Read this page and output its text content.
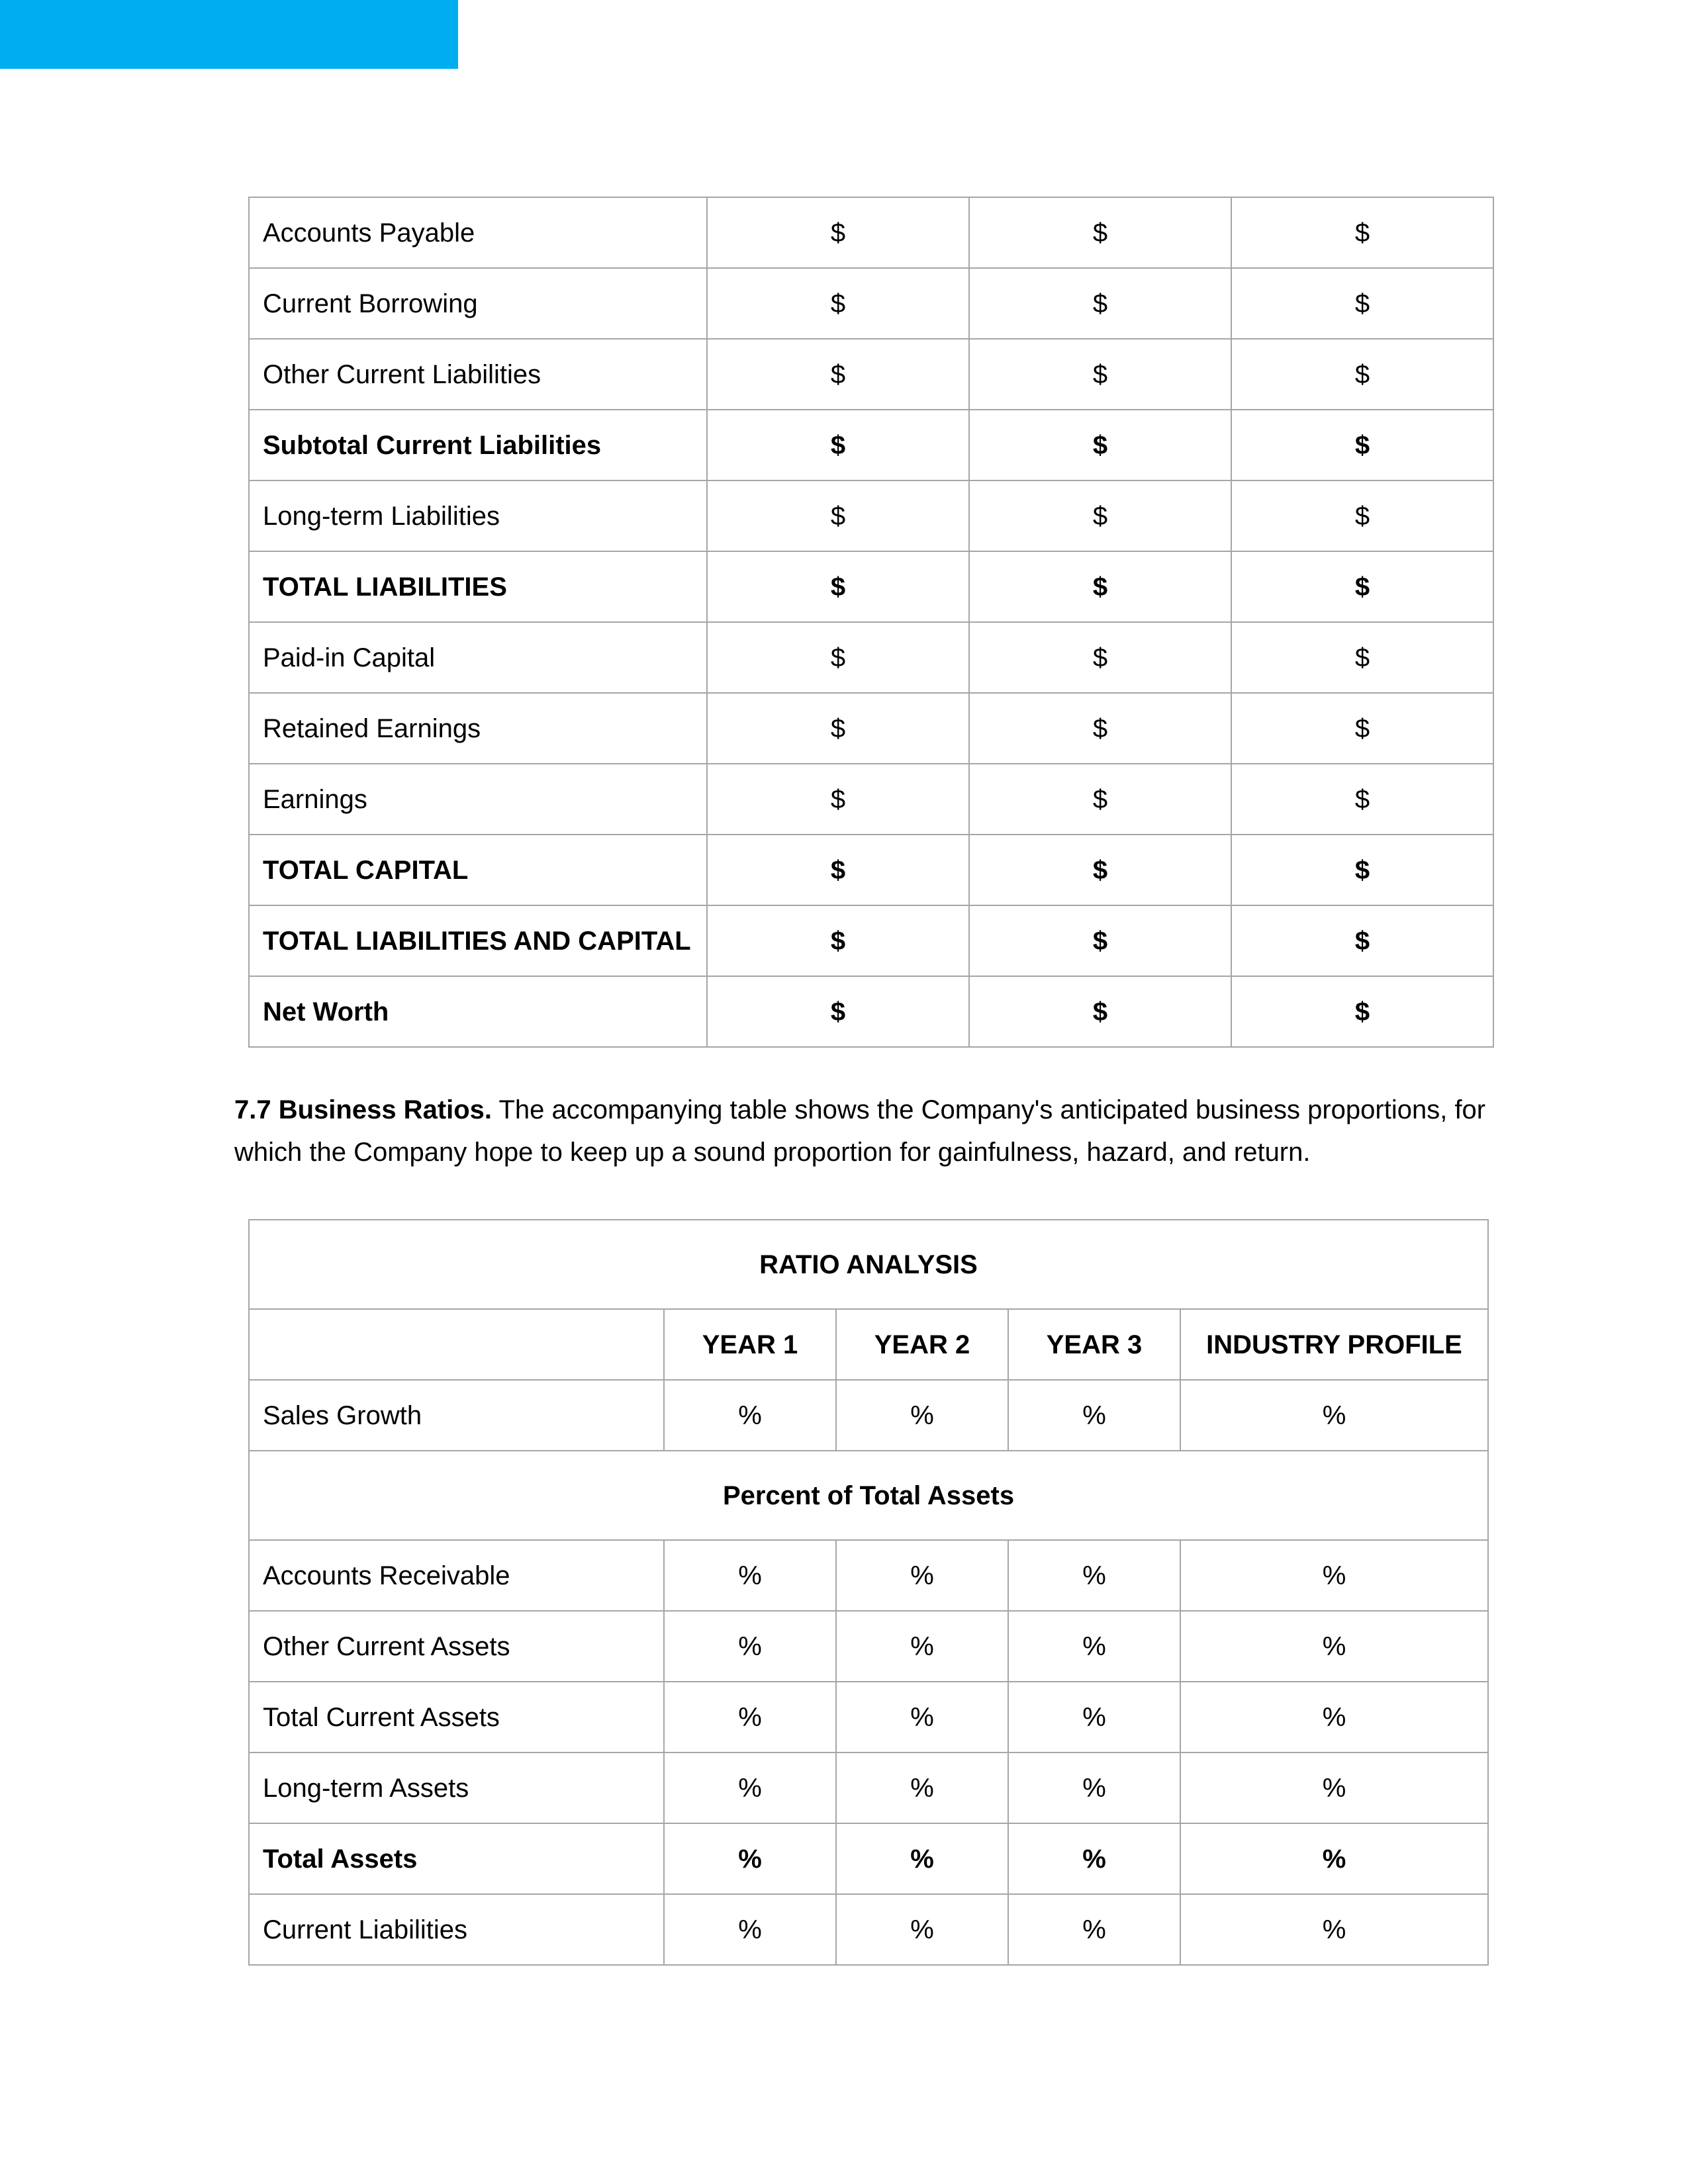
Accounts Payable	$	$	$
Current Borrowing	$	$	$
Other Current Liabilities	$	$	$
Subtotal Current Liabilities	$	$	$
Long-term Liabilities	$	$	$
TOTAL LIABILITIES	$	$	$
Paid-in Capital	$	$	$
Retained Earnings	$	$	$
Earnings	$	$	$
TOTAL CAPITAL	$	$	$
TOTAL LIABILITIES AND CAPITAL	$	$	$
Net Worth	$	$	$

7.7 Business Ratios. The accompanying table shows the Company's anticipated business proportions, for which the Company hope to keep up a sound proportion for gainfulness, hazard, and return.

RATIO ANALYSIS				
	YEAR 1	YEAR 2	YEAR 3	INDUSTRY PROFILE
Sales Growth	%	%	%	%
Percent of Total Assets				
Accounts Receivable	%	%	%	%
Other Current Assets	%	%	%	%
Total Current Assets	%	%	%	%
Long-term Assets	%	%	%	%
Total Assets	%	%	%	%
Current Liabilities	%	%	%	%
